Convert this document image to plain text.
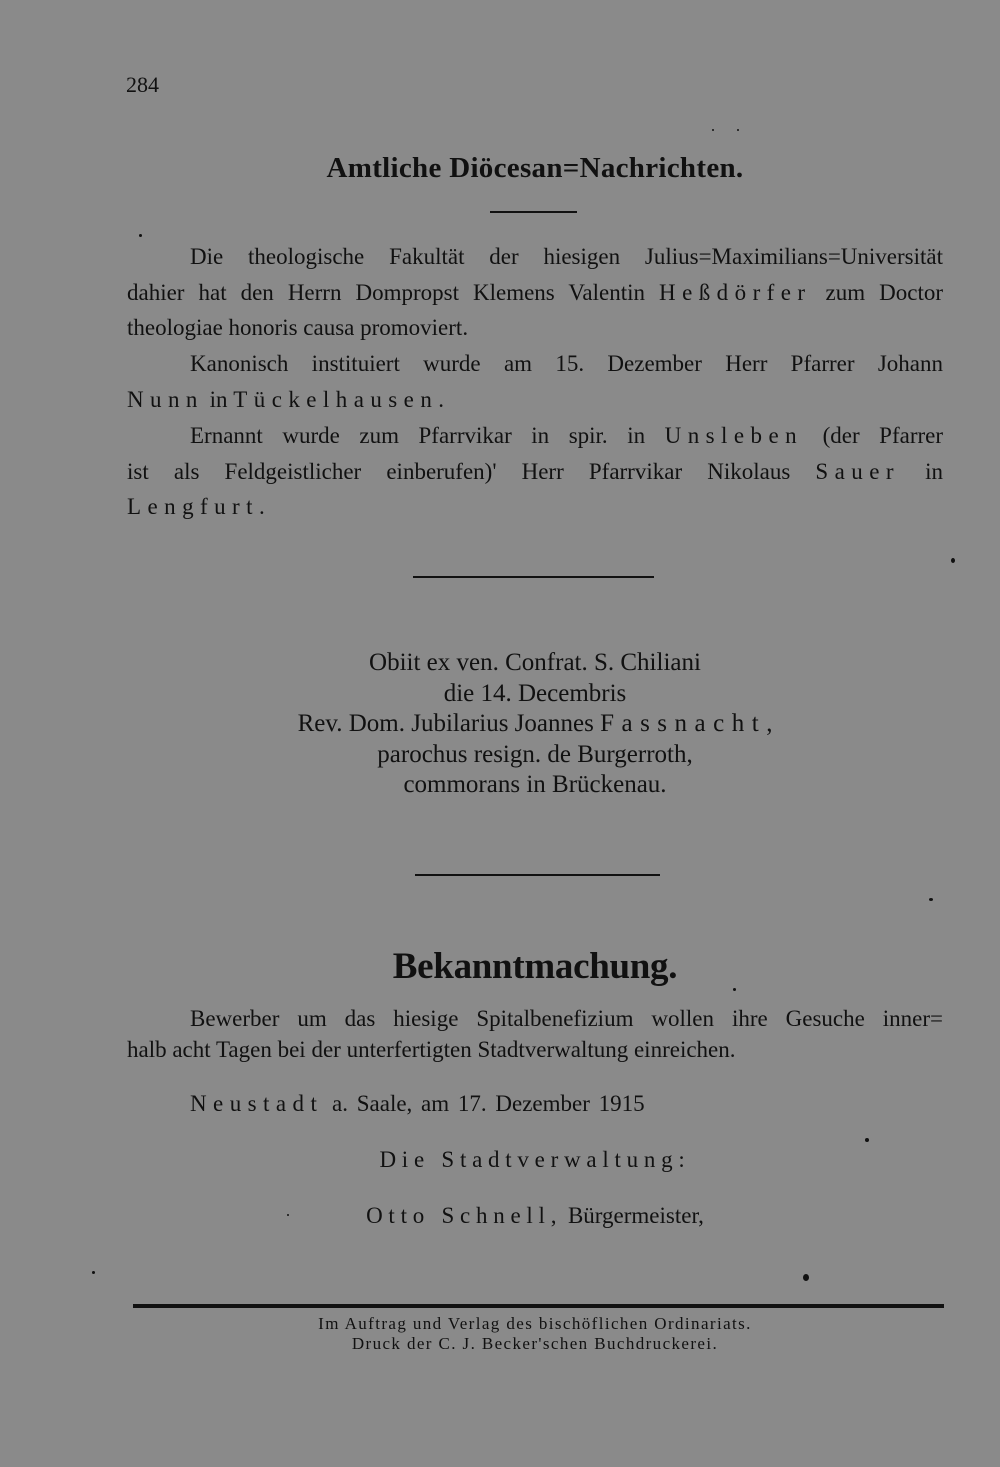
284
Amtliche Diöcesan=Nachrichten.
Die theologische Fakultät der hiesigen Julius=Maximilians=Universität
dahier hat den Herrn Dompropst Klemens Valentin Heßdörfer zum Doctor
theologiae honoris causa promoviert.
Kanonisch instituiert wurde am 15. Dezember Herr Pfarrer Johann
Nunn in Tückelhausen.
Ernannt wurde zum Pfarrvikar in spir. in Unsleben (der Pfarrer
ist als Feldgeistlicher einberufen)' Herr Pfarrvikar Nikolaus Sauer in
Lengfurt.
Obiit ex ven. Confrat. S. Chiliani
die 14. Decembris
Rev. Dom. Jubilarius Joannes Fassnacht,
parochus resign. de Burgerroth,
commorans in Brückenau.
Bekanntmachung.
Bewerber um das hiesige Spitalbenefizium wollen ihre Gesuche inner=
halb acht Tagen bei der unterfertigten Stadtverwaltung einreichen.
Neustadt a. Saale, am 17. Dezember 1915
Die Stadtverwaltung:
Otto Schnell, Bürgermeister,
Im Auftrag und Verlag des bischöflichen Ordinariats.
Druck der C. J. Becker'schen Buchdruckerei.
